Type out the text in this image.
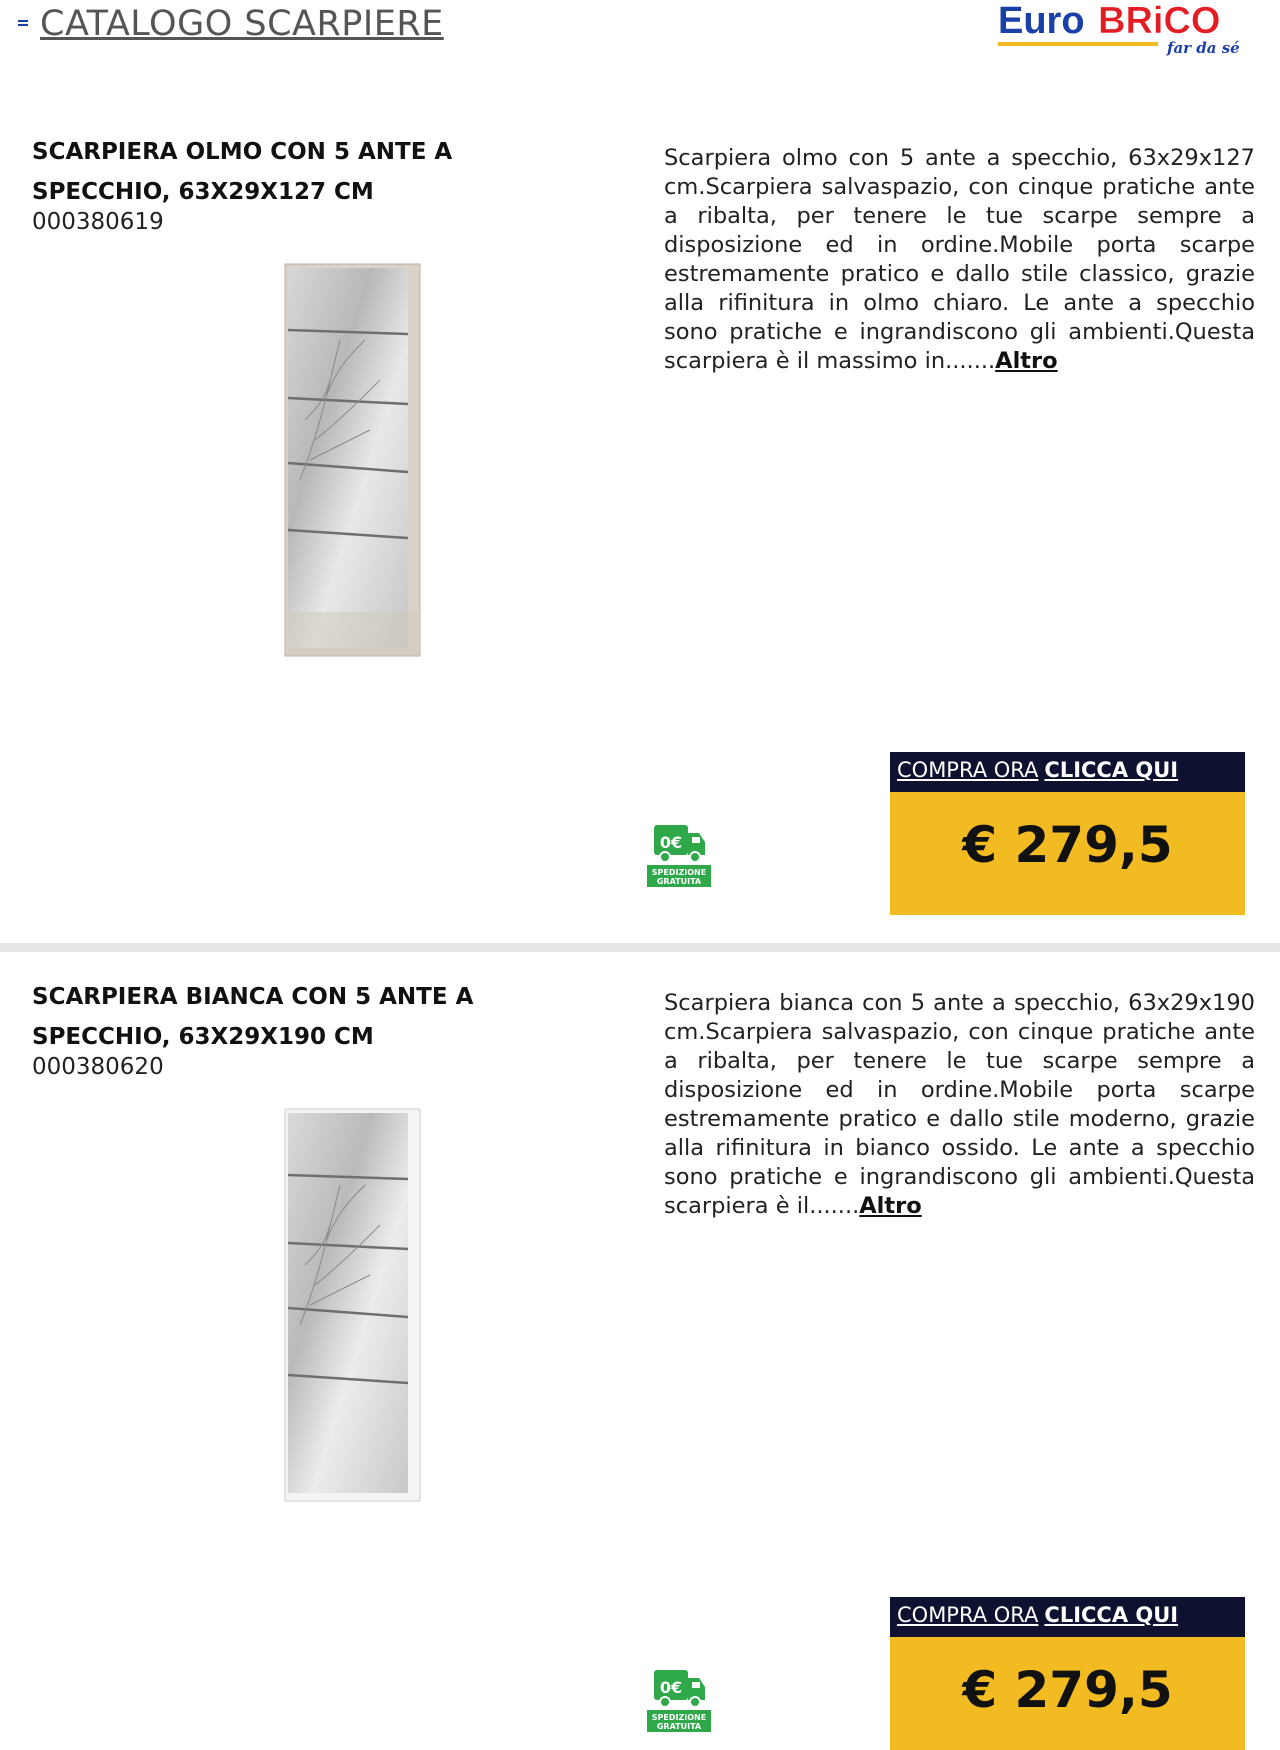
CATALOGO SCARPIERE	Euro BRiCO
far da sé
SCARPIERA OLMO CON 5 ANTE A SPECCHIO, 63X29X127 CM
000380619
Scarpiera olmo con 5 ante a specchio, 63x29x127 cm.Scarpiera salvaspazio, con cinque pratiche ante a ribalta, per tenere le tue scarpe sempre a disposizione ed in ordine.Mobile porta scarpe estremamente pratico e dallo stile classico, grazie alla rifinitura in olmo chiaro. Le ante a specchio sono pratiche e ingrandiscono gli ambienti.Questa scarpiera è il massimo in.......Altro
0€
SPEDIZIONE
GRATUITA
COMPRA ORA CLICCA QUI
€ 279,5
SCARPIERA BIANCA CON 5 ANTE A SPECCHIO, 63X29X190 CM
000380620
Scarpiera bianca con 5 ante a specchio, 63x29x190 cm.Scarpiera salvaspazio, con cinque pratiche ante a ribalta, per tenere le tue scarpe sempre a disposizione ed in ordine.Mobile porta scarpe estremamente pratico e dallo stile moderno, grazie alla rifinitura in bianco ossido. Le ante a specchio sono pratiche e ingrandiscono gli ambienti.Questa scarpiera è il.......Altro
0€
SPEDIZIONE
GRATUITA
COMPRA ORA CLICCA QUI
€ 279,5
